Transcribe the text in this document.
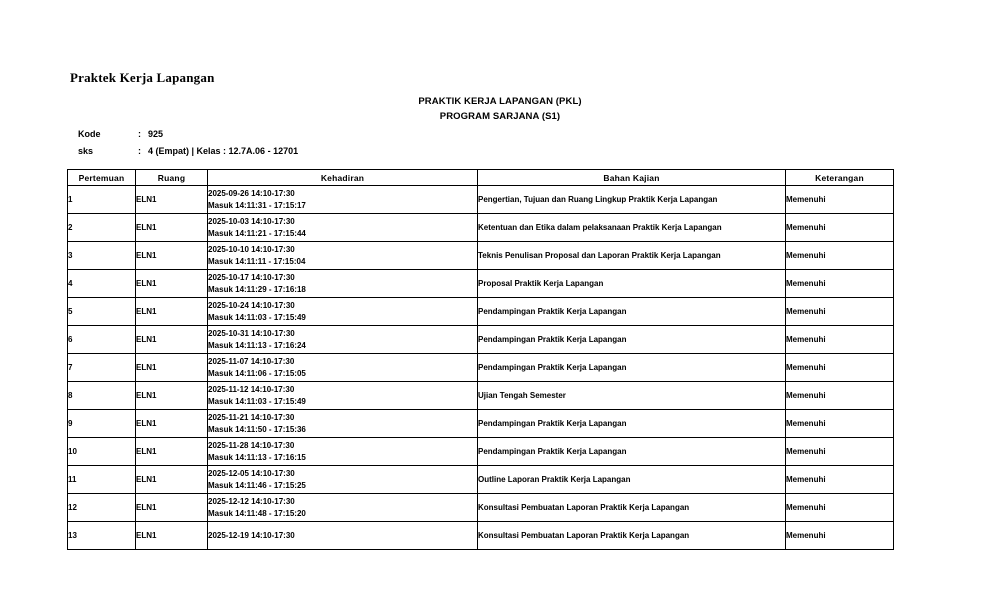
Praktek Kerja Lapangan
PRAKTIK KERJA LAPANGAN (PKL)
PROGRAM SARJANA (S1)
Kode	: 925
sks	: 4 (Empat) | Kelas : 12.7A.06 - 12701
Pertemuan	Ruang	Kehadiran	Bahan Kajian	Keterangan
1	ELN1	2025-09-26 14:10-17:30
Masuk 14:11:31 - 17:15:17	Pengertian, Tujuan dan Ruang Lingkup Praktik Kerja Lapangan	Memenuhi
2	ELN1	2025-10-03 14:10-17:30
Masuk 14:11:21 - 17:15:44	Ketentuan dan Etika dalam pelaksanaan Praktik Kerja Lapangan	Memenuhi
3	ELN1	2025-10-10 14:10-17:30
Masuk 14:11:11 - 17:15:04	Teknis Penulisan Proposal dan Laporan Praktik Kerja Lapangan	Memenuhi
4	ELN1	2025-10-17 14:10-17:30
Masuk 14:11:29 - 17:16:18	Proposal Praktik Kerja Lapangan	Memenuhi
5	ELN1	2025-10-24 14:10-17:30
Masuk 14:11:03 - 17:15:49	Pendampingan Praktik Kerja Lapangan	Memenuhi
6	ELN1	2025-10-31 14:10-17:30
Masuk 14:11:13 - 17:16:24	Pendampingan Praktik Kerja Lapangan	Memenuhi
7	ELN1	2025-11-07 14:10-17:30
Masuk 14:11:06 - 17:15:05	Pendampingan Praktik Kerja Lapangan	Memenuhi
8	ELN1	2025-11-12 14:10-17:30
Masuk 14:11:03 - 17:15:49	Ujian Tengah Semester	Memenuhi
9	ELN1	2025-11-21 14:10-17:30
Masuk 14:11:50 - 17:15:36	Pendampingan Praktik Kerja Lapangan	Memenuhi
10	ELN1	2025-11-28 14:10-17:30
Masuk 14:11:13 - 17:16:15	Pendampingan Praktik Kerja Lapangan	Memenuhi
11	ELN1	2025-12-05 14:10-17:30
Masuk 14:11:46 - 17:15:25	Outline Laporan Praktik Kerja Lapangan	Memenuhi
12	ELN1	2025-12-12 14:10-17:30
Masuk 14:11:48 - 17:15:20	Konsultasi Pembuatan Laporan Praktik Kerja Lapangan	Memenuhi
13	ELN1	2025-12-19 14:10-17:30	Konsultasi Pembuatan Laporan Praktik Kerja Lapangan	Memenuhi
